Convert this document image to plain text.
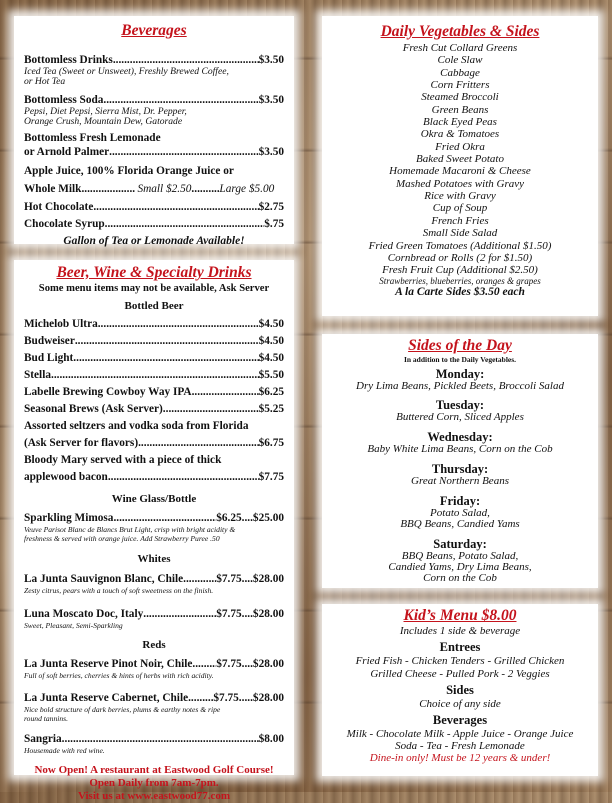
Beverages
Bottomless Drinks .....	$3.50
Iced Tea (Sweet or Unsweet), Freshly Brewed Coffee,
or Hot Tea
Bottomless Soda .....	$3.50
Pepsi, Diet Pepsi, Sierra Mist, Dr. Pepper,
Orange Crush, Mountain Dew, Gatorade
Bottomless Fresh Lemonade
or Arnold Palmer .....	$3.50
Apple Juice, 100% Florida Orange Juice or
Whole Milk .....	Small $2.50 ..... Large $5.00
Hot Chocolate .....	$2.75
Chocolate Syrup .....	$.75
Gallon of Tea or Lemonade Available!
Beer, Wine & Specialty Drinks
Some menu items may not be available, Ask Server
Bottled Beer
Michelob Ultra .....	$4.50
Budweiser .....	$4.50
Bud Light .....	$4.50
Stella .....	$5.50
Labelle Brewing Cowboy Way IPA .....	$6.25
Seasonal Brews (Ask Server) .....	$5.25
Assorted seltzers and vodka soda from Florida
(Ask Server for flavors) .....	$6.75
Bloody Mary served with a piece of thick
applewood bacon .....	$7.75
Wine Glass/Bottle
Sparkling Mimosa .....	$6.25....$25.00
Veuve Parisot Blanc de Blancs Brut Light, crisp with bright acidity &
freshness & served with orange juice. Add Strawberry Puree .50
Whites
La Junta Sauvignon Blanc, Chile .....	$7.75....$28.00
Zesty citrus, pears with a touch of soft sweetness on the finish.
Luna Moscato Doc, Italy .....	$7.75....$28.00
Sweet, Pleasant, Semi-Sparkling
Reds
La Junta Reserve Pinot Noir, Chile ..... $7.75....$28.00
Full of soft berries, cherries & hints of herbs with rich acidity.
La Junta Reserve Cabernet, Chile ..... $7.75.....$28.00
Nice bold structure of dark berries, plums & earthy notes & ripe
round tannins.
Sangria .....	$8.00
Housemade with red wine.
Now Open! A restaurant at Eastwood Golf Course!
Open Daily from 7am-7pm.
Visit us at www.eastwood77.com
Daily Vegetables & Sides
Fresh Cut Collard Greens
Cole Slaw
Cabbage
Corn Fritters
Steamed Broccoli
Green Beans
Black Eyed Peas
Okra & Tomatoes
Fried Okra
Baked Sweet Potato
Homemade Macaroni & Cheese
Mashed Potatoes with Gravy
Rice with Gravy
Cup of Soup
French Fries
Small Side Salad
Fried Green Tomatoes (Additional $1.50)
Cornbread or Rolls (2 for $1.50)
Fresh Fruit Cup (Additional $2.50)
Strawberries, blueberries, oranges & grapes
A la Carte Sides $3.50 each
Sides of the Day
In addition to the Daily Vegetables.
Monday:
Dry Lima Beans, Pickled Beets, Broccoli Salad
Tuesday:
Buttered Corn, Sliced Apples
Wednesday:
Baby White Lima Beans, Corn on the Cob
Thursday:
Great Northern Beans
Friday:
Potato Salad,
BBQ Beans, Candied Yams
Saturday:
BBQ Beans, Potato Salad,
Candied Yams, Dry Lima Beans,
Corn on the Cob
Kid’s Menu $8.00
Includes 1 side & beverage
Entrees
Fried Fish - Chicken Tenders - Grilled Chicken
Grilled Cheese - Pulled Pork - 2 Veggies
Sides
Choice of any side
Beverages
Milk - Chocolate Milk - Apple Juice - Orange Juice
Soda - Tea - Fresh Lemonade
Dine-in only! Must be 12 years & under!
